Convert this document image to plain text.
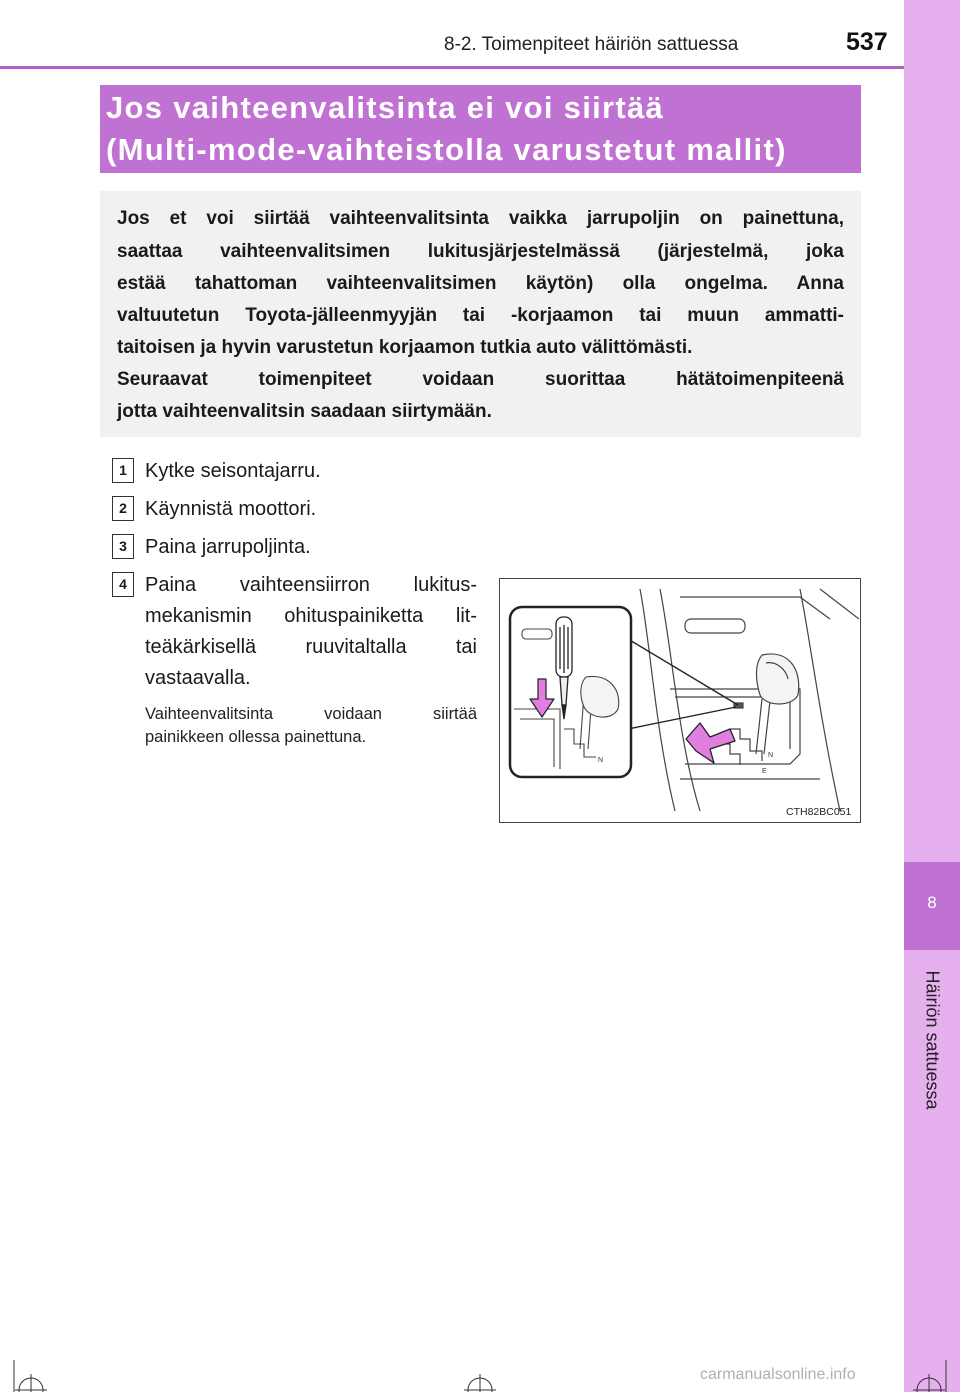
8-2. Toimenpiteet häiriön sattuessa	537
8
Häiriön sattuessa
Jos vaihteenvalitsinta ei voi siirtää
(Multi-mode-vaihteistolla varustetut mallit)
Jos et voi siirtää vaihteenvalitsinta vaikka jarrupoljin on painettuna,
saattaa vaihteenvalitsimen lukitusjärjestelmässä (järjestelmä, joka
estää tahattoman vaihteenvalitsimen käytön) olla ongelma. Anna
valtuutetun Toyota-jälleenmyyjän tai -korjaamon tai muun ammatti-
taitoisen ja hyvin varustetun korjaamon tutkia auto välittömästi.
Seuraavat toimenpiteet voidaan suorittaa hätätoimenpiteenä
jotta vaihteenvalitsin saadaan siirtymään.
1 Kytke seisontajarru.
2 Käynnistä moottori.
3 Paina jarrupoljinta.
4 Paina vaihteensiirron lukitus-
mekanismin ohituspainiketta lit-
teäkärkisellä ruuvitaltalla tai
vastaavalla.
Vaihteenvalitsinta voidaan siirtää
painikkeen ollessa painettuna.
N
E
N
CTH82BC051
carmanualsonline.info
